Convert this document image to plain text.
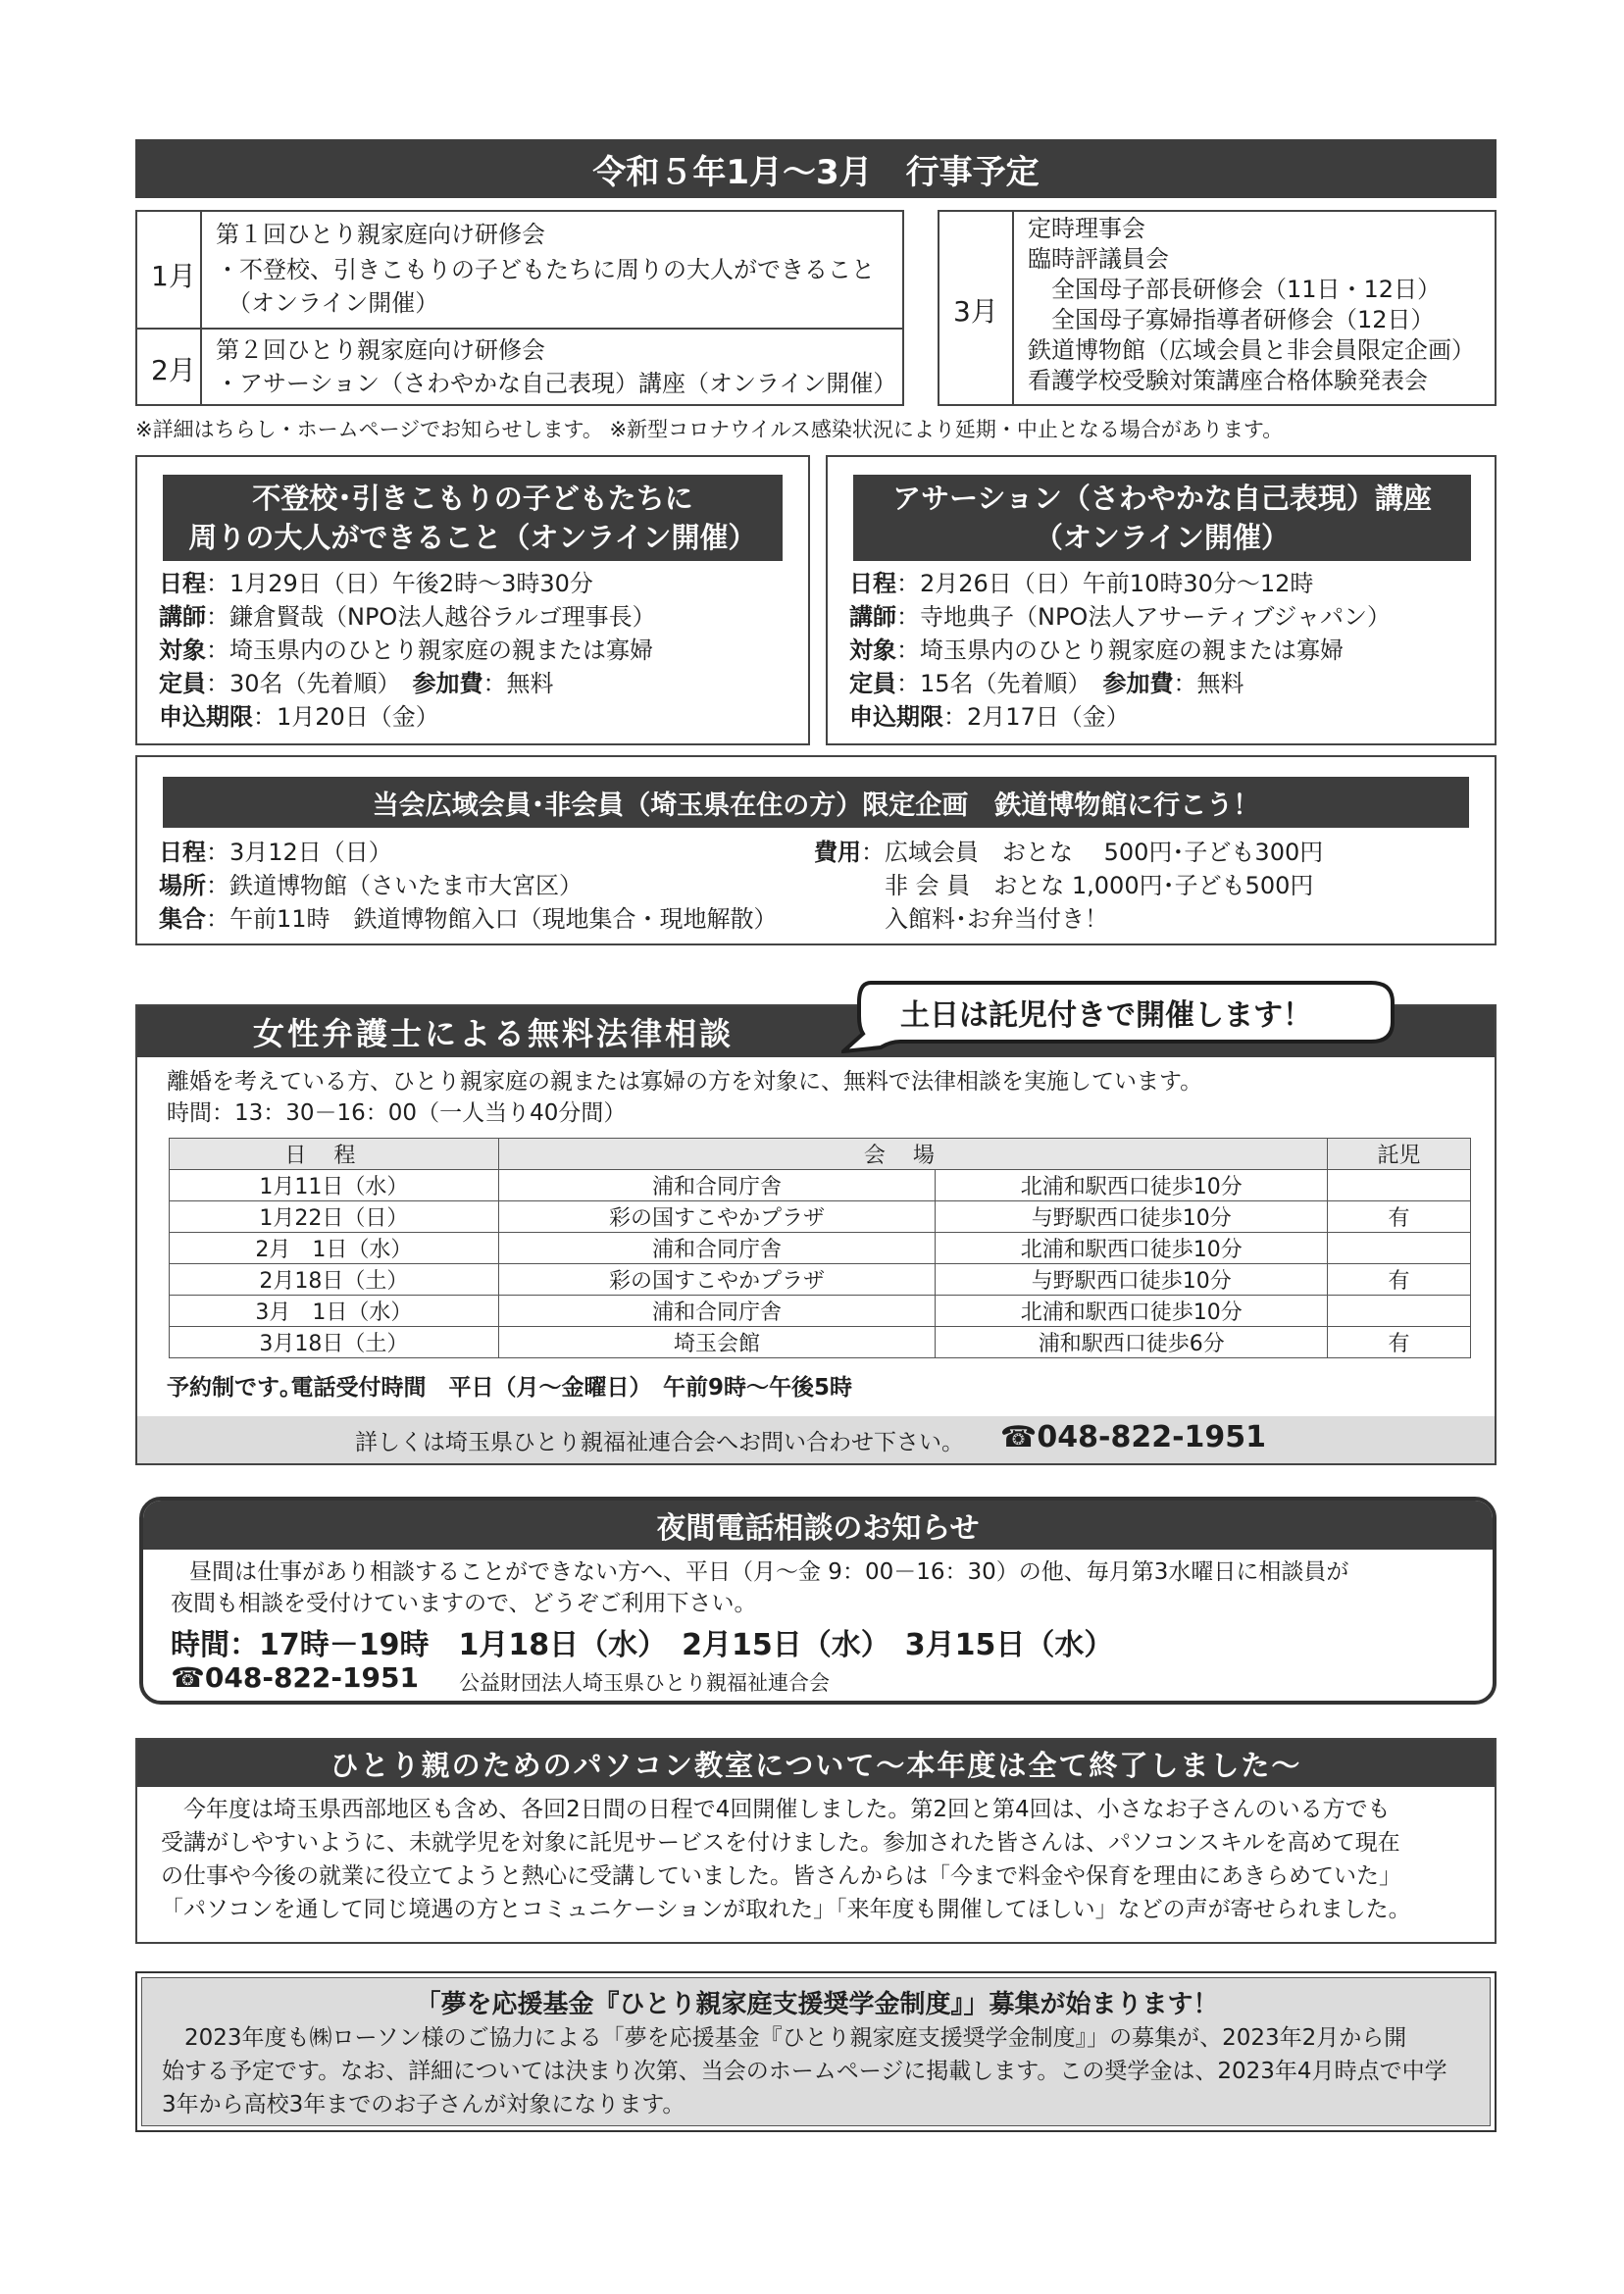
令和５年1月～3月　行事予定
1月
第１回ひとり親家庭向け研修会
・不登校、引きこもりの子どもたちに周りの大人ができること
　（オンライン開催）
2月
第２回ひとり親家庭向け研修会
・アサーション（さわやかな自己表現）講座（オンライン開催）
3月
定時理事会
臨時評議員会
　全国母子部長研修会（11日・12日）
　全国母子寡婦指導者研修会（12日）
鉄道博物館（広域会員と非会員限定企画）
看護学校受験対策講座合格体験発表会
※詳細はちらし・ホームページでお知らせします。 ※新型コロナウイルス感染状況により延期・中止となる場合があります。
不登校･引きこもりの子どもたちに
周りの大人ができること（オンライン開催）
日程：1月29日（日）午後2時～3時30分
講師：鎌倉賢哉（NPO法人越谷ラルゴ理事長）
対象：埼玉県内のひとり親家庭の親または寡婦
定員：30名（先着順）　参加費：無料
申込期限：1月20日（金）
アサーション（さわやかな自己表現）講座
（オンライン開催）
日程：2月26日（日）午前10時30分～12時
講師：寺地典子（NPO法人アサーティブジャパン）
対象：埼玉県内のひとり親家庭の親または寡婦
定員：15名（先着順）　参加費：無料
申込期限：2月17日（金）
当会広域会員･非会員（埼玉県在住の方）限定企画　鉄道博物館に行こう！
日程：3月12日（日）
場所：鉄道博物館（さいたま市大宮区）
集合：午前11時　鉄道博物館入口（現地集合・現地解散）
費用：広域会員　おとな　 500円･子ども300円
　非 会 員　おとな 1,000円･子ども500円
　入館料･お弁当付き！
女性弁護士による無料法律相談
離婚を考えている方、ひとり親家庭の親または寡婦の方を対象に、無料で法律相談を実施しています。
時間：13：30－16：00（一人当り40分間）
日程	会場		託児
1月11日（水）	浦和合同庁舎	北浦和駅西口徒歩10分	
1月22日（日）	彩の国すこやかプラザ	与野駅西口徒歩10分	有
2月　1日（水）	浦和合同庁舎	北浦和駅西口徒歩10分	
2月18日（土）	彩の国すこやかプラザ	与野駅西口徒歩10分	有
3月　1日（水）	浦和合同庁舎	北浦和駅西口徒歩10分	
3月18日（土）	埼玉会館	浦和駅西口徒歩6分	有
予約制です｡電話受付時間　平日（月～金曜日）　午前9時～午後5時
詳しくは埼玉県ひとり親福祉連合会へお問い合わせ下さい。 ☎048-822-1951
土日は託児付きで開催します！
夜間電話相談のお知らせ
　昼間は仕事があり相談することができない方へ、平日（月～金 9：00－16：30）の他、毎月第3水曜日に相談員が
夜間も相談を受付けていますので、どうぞご利用下さい。
時間：17時－19時　1月18日（水）　2月15日（水）　3月15日（水）
☎048-822-1951 公益財団法人埼玉県ひとり親福祉連合会
ひとり親のためのパソコン教室について～本年度は全て終了しました～
　今年度は埼玉県西部地区も含め、各回2日間の日程で4回開催しました。第2回と第4回は、小さなお子さんのいる方でも
受講がしやすいように、未就学児を対象に託児サービスを付けました。参加された皆さんは、パソコンスキルを高めて現在
の仕事や今後の就業に役立てようと熱心に受講していました。皆さんからは「今まで料金や保育を理由にあきらめていた」
「パソコンを通して同じ境遇の方とコミュニケーションが取れた」「来年度も開催してほしい」などの声が寄せられました。
「夢を応援基金『ひとり親家庭支援奨学金制度』」募集が始まります！
　2023年度も㈱ローソン様のご協力による「夢を応援基金『ひとり親家庭支援奨学金制度』」の募集が、2023年2月から開
始する予定です。なお、詳細については決まり次第、当会のホームページに掲載します。この奨学金は、2023年4月時点で中学
3年から高校3年までのお子さんが対象になります。
